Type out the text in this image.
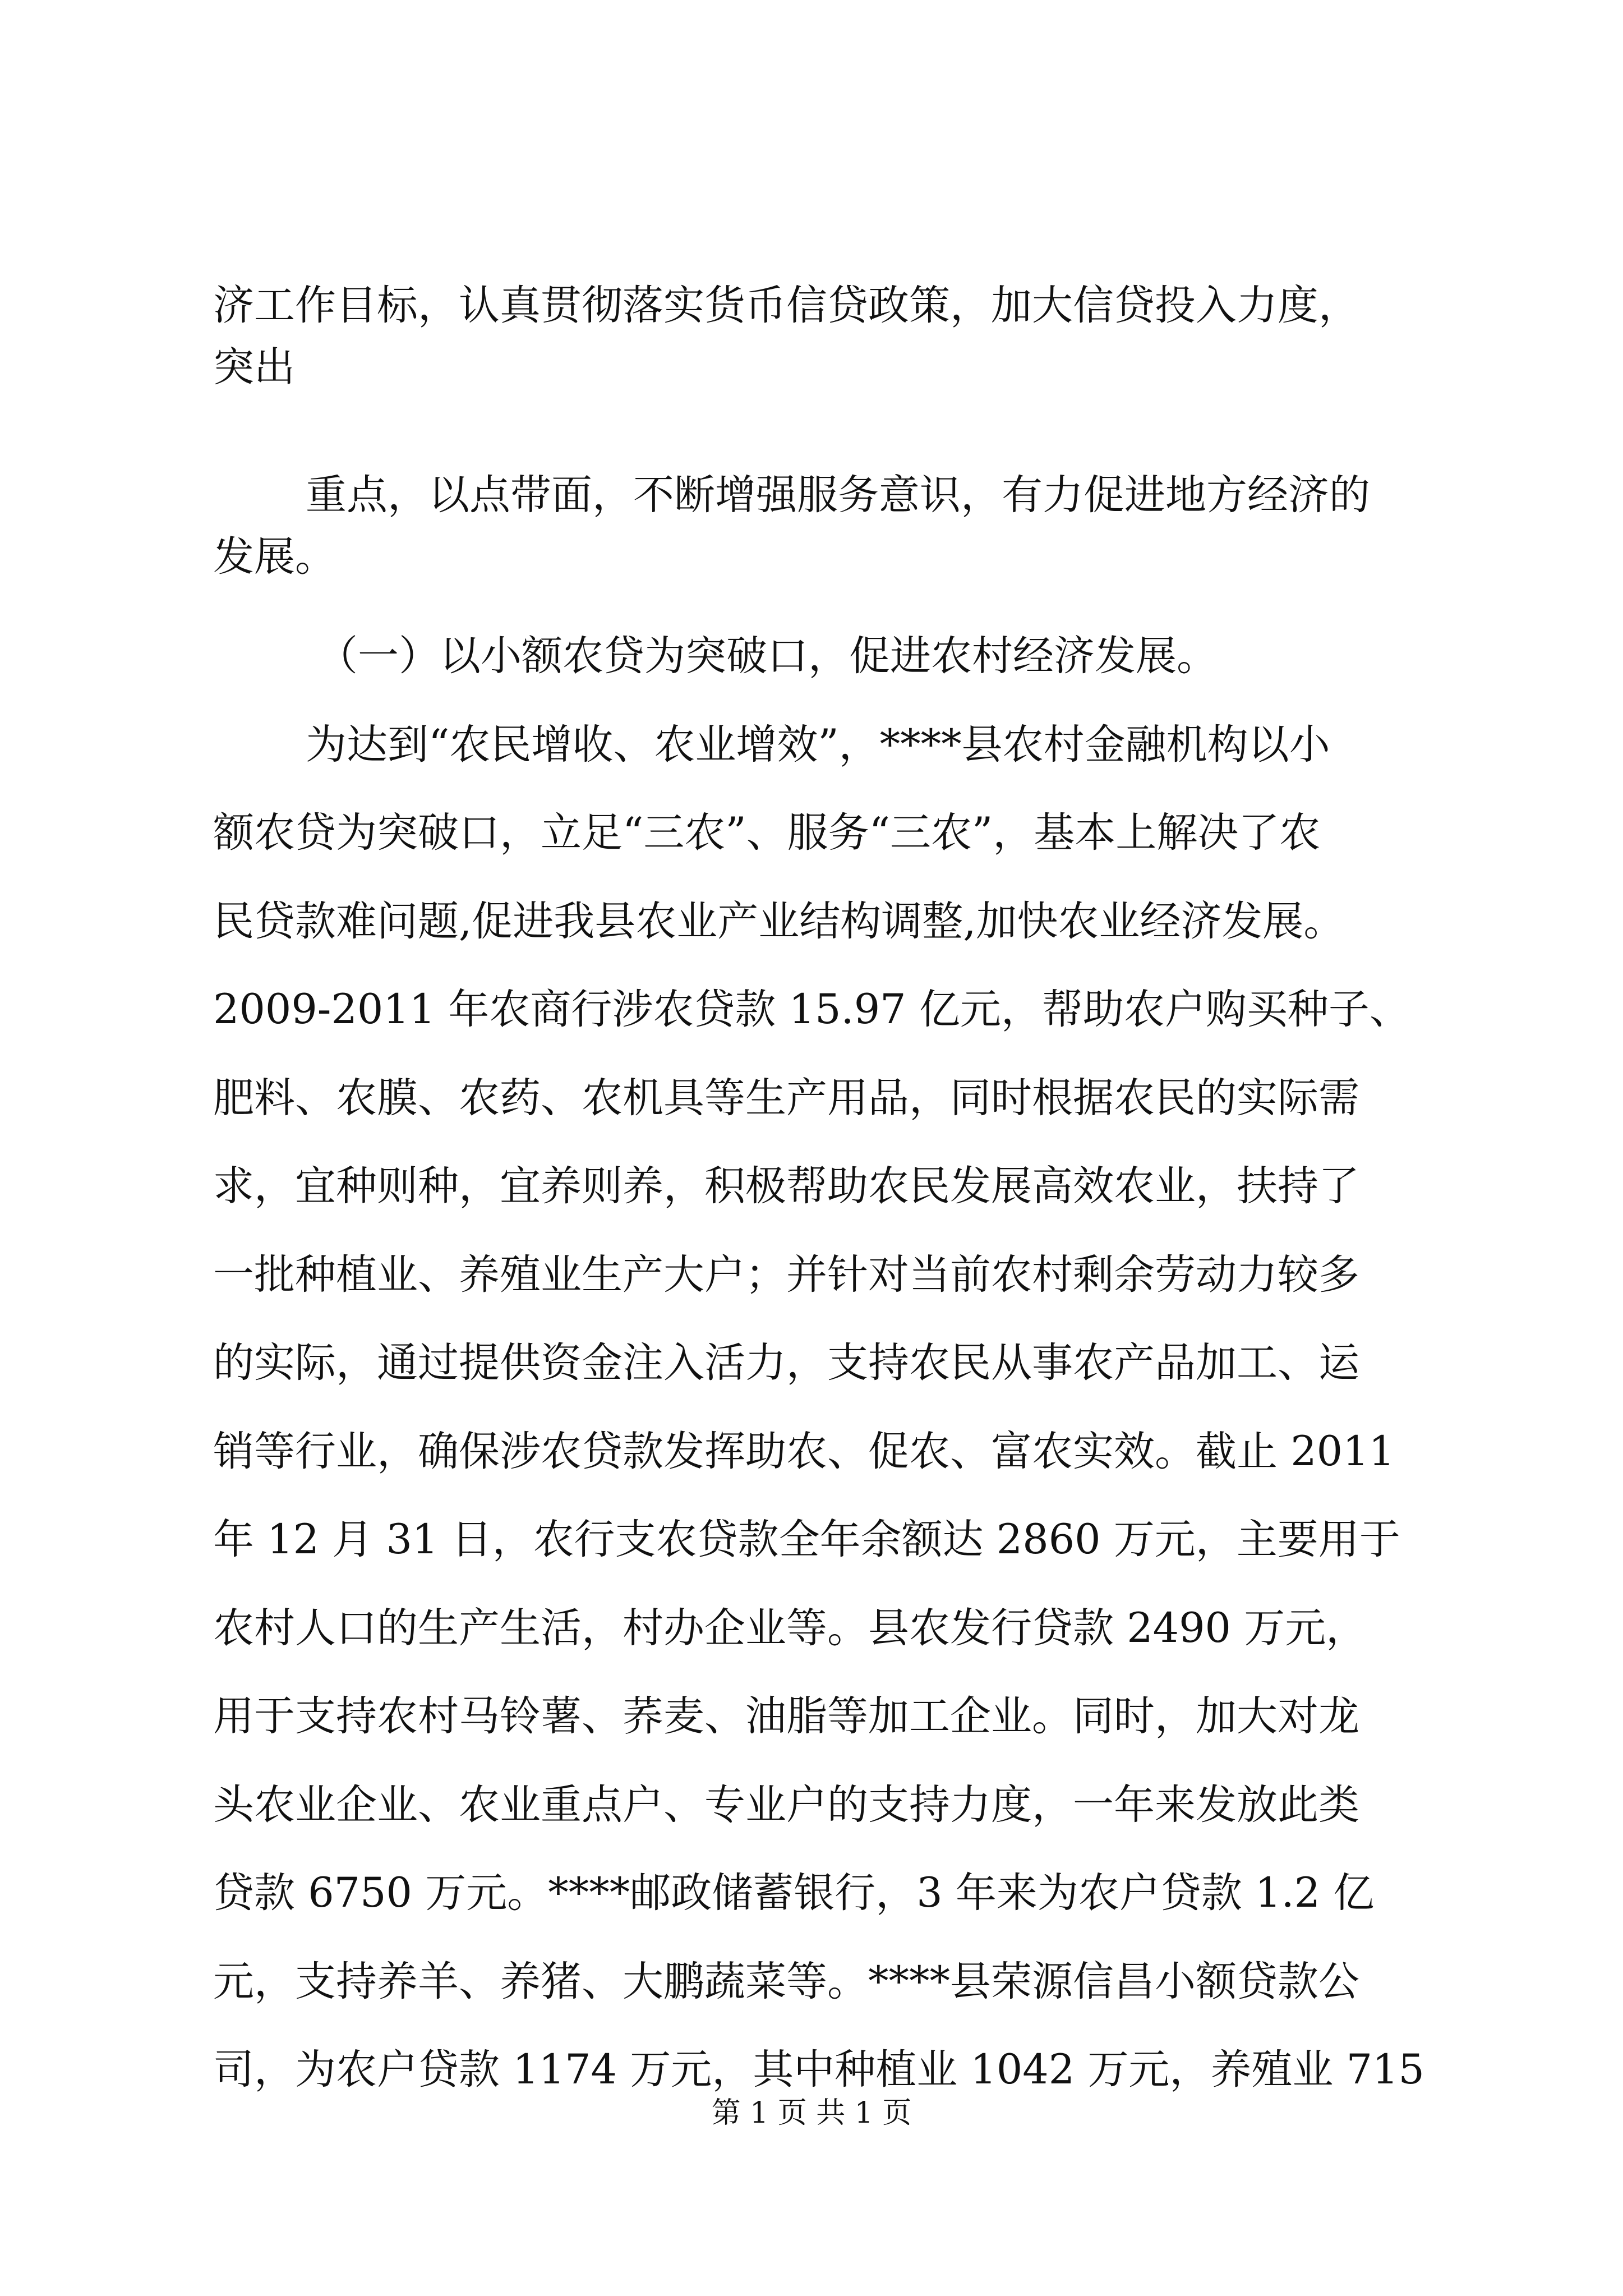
济工作目标，认真贯彻落实货币信贷政策，加大信贷投入力度，
突出
重点，以点带面，不断增强服务意识，有力促进地方经济的
发展。
（一）以小额农贷为突破口，促进农村经济发展。
为达到“农民增收、农业增效”，****县农村金融机构以小
额农贷为突破口，立足“三农”、服务“三农”，基本上解决了农
民贷款难问题,促进我县农业产业结构调整,加快农业经济发展。
2009-2011 年农商行涉农贷款 15.97 亿元，帮助农户购买种子、
肥料、农膜、农药、农机具等生产用品，同时根据农民的实际需
求，宜种则种，宜养则养，积极帮助农民发展高效农业，扶持了
一批种植业、养殖业生产大户；并针对当前农村剩余劳动力较多
的实际，通过提供资金注入活力，支持农民从事农产品加工、运
销等行业，确保涉农贷款发挥助农、促农、富农实效。截止 2011
年 12 月 31 日，农行支农贷款全年余额达 2860 万元，主要用于
农村人口的生产生活，村办企业等。县农发行贷款 2490 万元，
用于支持农村马铃薯、荞麦、油脂等加工企业。同时，加大对龙
头农业企业、农业重点户、专业户的支持力度，一年来发放此类
贷款 6750 万元。****邮政储蓄银行，3 年来为农户贷款 1.2 亿
元，支持养羊、养猪、大鹏蔬菜等。****县荣源信昌小额贷款公
司，为农户贷款 1174 万元，其中种植业 1042 万元，养殖业 715
第 1 页 共 1 页
